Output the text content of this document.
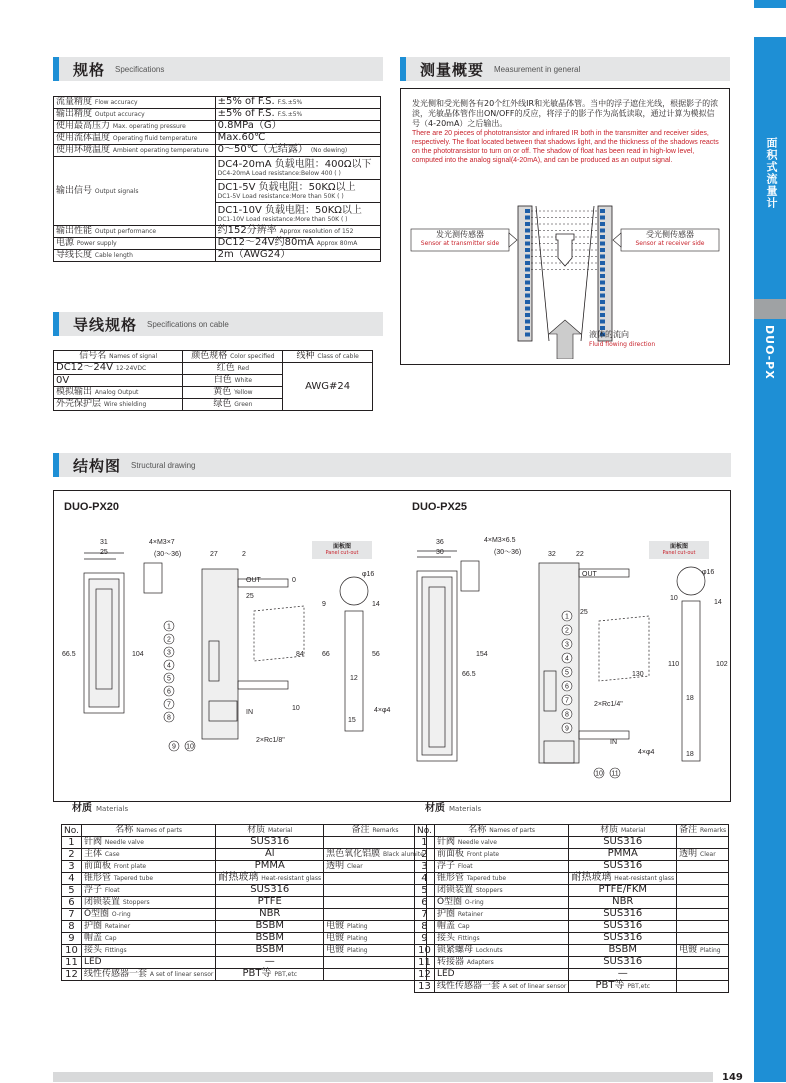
面积式流量计
DUO-PX
规格 Specifications
流量精度 Flow accuracy	±5% of F.S. F.S.±5%
输出精度 Output accuracy	±5% of F.S. F.S.±5%
使用最高压力 Max. operating pressure	0.8MPa（G）
使用流体温度 Operating fluid temperature	Max.60℃
使用环境温度 Ambient operating temperature	0～50℃（无结露） (No dewing)
输出信号 Output signals	DC4-20mA 负载电阻：400Ω以下
DC4-20mA Load resistance:Below 400 ( )

	DC1-5V 负载电阻：50KΩ以上
DC1-5V Load resistance:More than 50K ( )

	DC1-10V 负载电阻：50KΩ以上
DC1-10V Load resistance:More than 50K ( )

输出性能 Output performance	约152分辨率 Approx resolution of 152
电源 Power supply	DC12～24V约80mA Approx 80mA
导线长度 Cable length	2m（AWG24）
导线规格 Specifications on cable
信号名 Names of signal	颜色规格 Color specified	线种 Class of cable
DC12～24V 12-24VDC	红色 Red	AWG#24
0V	白色 White	
模拟输出 Analog Output	黄色 Yellow	
外壳保护层 Wire shielding	绿色 Green	
测量概要 Measurement in general
发光侧和受光侧各有20个红外线IR和光敏晶体管。当中的浮子遮住光线，根据影子的浓淡，光敏晶体管作出ON/OFF的反应，将浮子的影子作为高低读取，通过计算为模拟信号（4-20mA）之后输出。
There are 20 pieces of phototransistor and infrared IR both in the transmitter and receiver sides, respectively. The float located between that shadows light, and the thickness of the shadows reacts on the phototransistor to turn on or off. The shadow of float has been read in high-low level, computed into the analog signal(4-20mA), and can be produced as an output signal.
发光测传感器
Sensor at transmitter side
受光侧传感器
Sensor at receiver side
液体的流向
Fluid flowing direction
结构图 Structural drawing
DUO-PX20	DUO-PX25
1
2
3
4
5
6
7
8
9 10
31
25
4×M3×7
(30～36)	27	2
OUT	0
25
66.5	104	84
10
IN
2×Rc1/8"
面板图
Panel cut-out
φ16
9	14
66	56
12
15
4×φ4
1
2
3
4
5
6
7
8
9
10 11
36
30
4×M3×6.5
(30～36)	32	22
OUT
25
66.5
154
130
2×Rc1/4"
IN
面板图
Panel cut-out
φ16
10
14
110	102
18
18
4×φ4
材质 Materials
No.	名称 Names of parts	材质 Material	备注 Remarks
1	针阀 Needle valve	SUS316	
2	主体 Case	Al	黑色氧化铝膜 Black alumite
3	前面板 Front plate	PMMA	透明 Clear
4	锥形管 Tapered tube	耐热玻璃 Heat-resistant glass	
5	浮子 Float	SUS316	
6	闭锁装置 Stoppers	PTFE	
7	O型圈 O-ring	NBR	
8	护圈 Retainer	BSBM	电镀 Plating
9	帽盖 Cap	BSBM	电镀 Plating
10	接头 Fittings	BSBM	电镀 Plating
11	LED	—	
12	线性传感器一套 A set of linear sensor	PBT等 PBT,etc	
材质 Materials
No.	名称 Names of parts	材质 Material	备注 Remarks
1	针阀 Needle valve	SUS316	
2	前面板 Front plate	PMMA	透明 Clear
3	浮子 Float	SUS316	
4	锥形管 Tapered tube	耐热玻璃 Heat-resistant glass	
5	闭锁装置 Stoppers	PTFE/FKM	
6	O型圈 O-ring	NBR	
7	护圈 Retainer	SUS316	
8	帽盖 Cap	SUS316	
9	接头 Fittings	SUS316	
10	锁紧螺母 Locknuts	BSBM	电镀 Plating
11	转接器 Adapters	SUS316	
12	LED	—	
13	线性传感器一套 A set of linear sensor	PBT等 PBT,etc	
149
